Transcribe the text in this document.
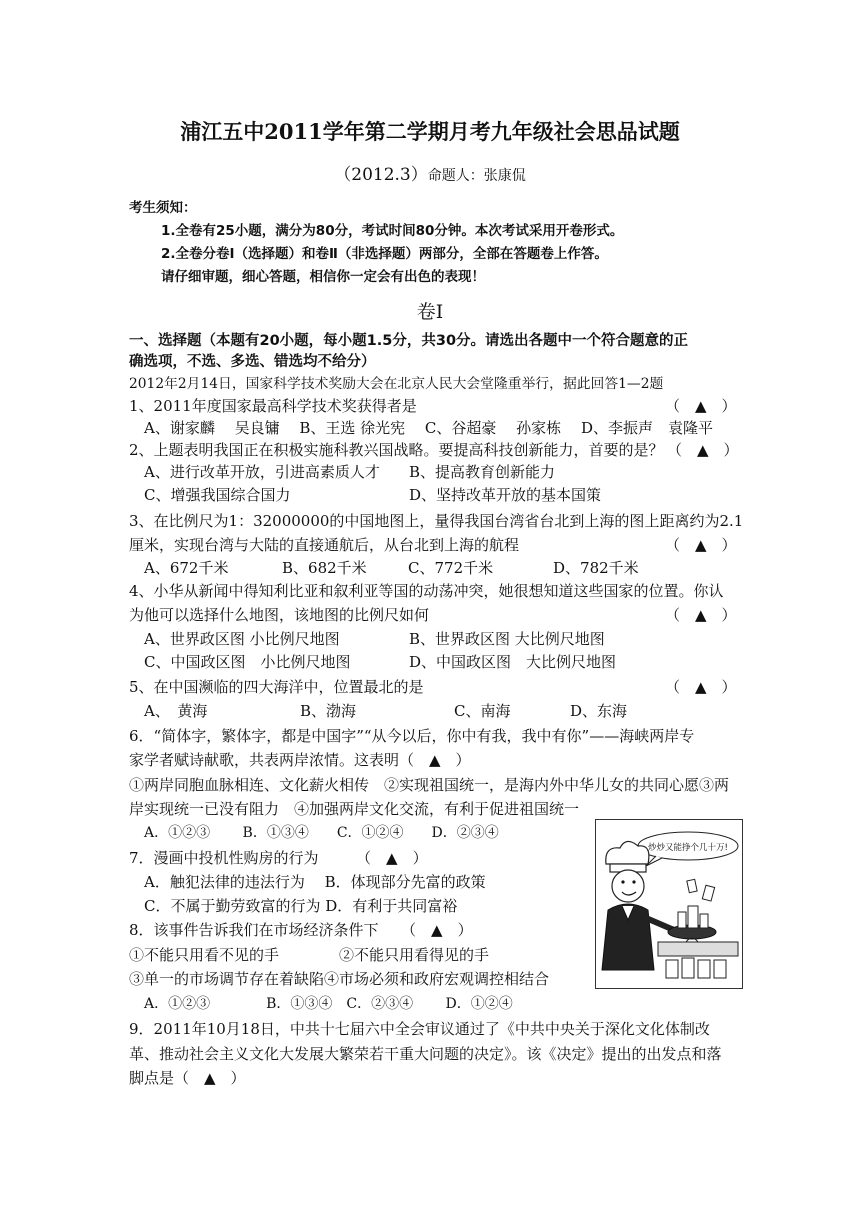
浦江五中2011学年第二学期月考九年级社会思品试题
（2012.3）命题人：张康侃
考生须知：
1.全卷有25小题，满分为80分，考试时间80分钟。本次考试采用开卷形式。
2.全卷分卷Ⅰ（选择题）和卷Ⅱ（非选择题）两部分，全部在答题卷上作答。
请仔细审题，细心答题，相信你一定会有出色的表现！
卷Ⅰ
一、选择题（本题有20小题，每小题1.5分，共30分。请选出各题中一个符合题意的正
确选项，不选、多选、错选均不给分）
2012年2月14日，国家科学技术奖励大会在北京人民大会堂隆重举行，据此回答1—2题
1、2011年度国家最高科学技术奖获得者是	（　▲　）
A、谢家麟　 吴良镛　 B、王选 徐光宪　 C、谷超豪　 孙家栋　 D、李振声　袁隆平
2、上题表明我国正在积极实施科教兴国战略。要提高科技创新能力，首要的是？ （　▲　）
A、进行改革开放，引进高素质人才 B、提高教育创新能力
C、增强我国综合国力	D、坚持改革开放的基本国策
3、在比例尺为1：32000000的中国地图上，量得我国台湾省台北到上海的图上距离约为2.1
厘米，实现台湾与大陆的直接通航后，从台北到上海的航程	（　▲　）
A、672千米	B、682千米	C、772千米	D、782千米
4、小华从新闻中得知利比亚和叙利亚等国的动荡冲突，她很想知道这些国家的位置。你认
为他可以选择什么地图，该地图的比例尺如何	（　▲　）
A、世界政区图 小比例尺地图	B、世界政区图 大比例尺地图
C、中国政区图　小比例尺地图	D、中国政区图　大比例尺地图
5、在中国濒临的四大海洋中，位置最北的是	（　▲　）
A、　黄海	B、渤海	C、南海	D、东海
6．“简体字，繁体字，都是中国字”“从今以后，你中有我，我中有你”——海峡两岸专
家学者赋诗献歌，共表两岸浓情。这表明（　▲　）
①两岸同胞血脉相连、文化薪火相传　②实现祖国统一，是海内外中华儿女的共同心愿③两
岸实现统一已没有阻力　④加强两岸文化交流，有利于促进祖国统一
A．①②③　　 B．①③④　　C．①②④　　D．②③④
7．漫画中投机性购房的行为　　　（　▲　）
A．触犯法律的违法行为　 B．体现部分先富的政策
C．不属于勤劳致富的行为 D．有利于共同富裕
8．该事件告诉我们在市场经济条件下　　（　▲　）
①不能只用看不见的手　　　　②不能只用看得见的手
③单一的市场调节存在着缺陷④市场必须和政府宏观调控相结合
A．①②③　　　　B．①③④　C．②③④　　 D．①②④
9．2011年10月18日，中共十七届六中全会审议通过了《中共中央关于深化文化体制改
革、推动社会主义文化大发展大繁荣若干重大问题的决定》。该《决定》提出的出发点和落
脚点是（　▲　）
炒炒又能挣个几十万!
